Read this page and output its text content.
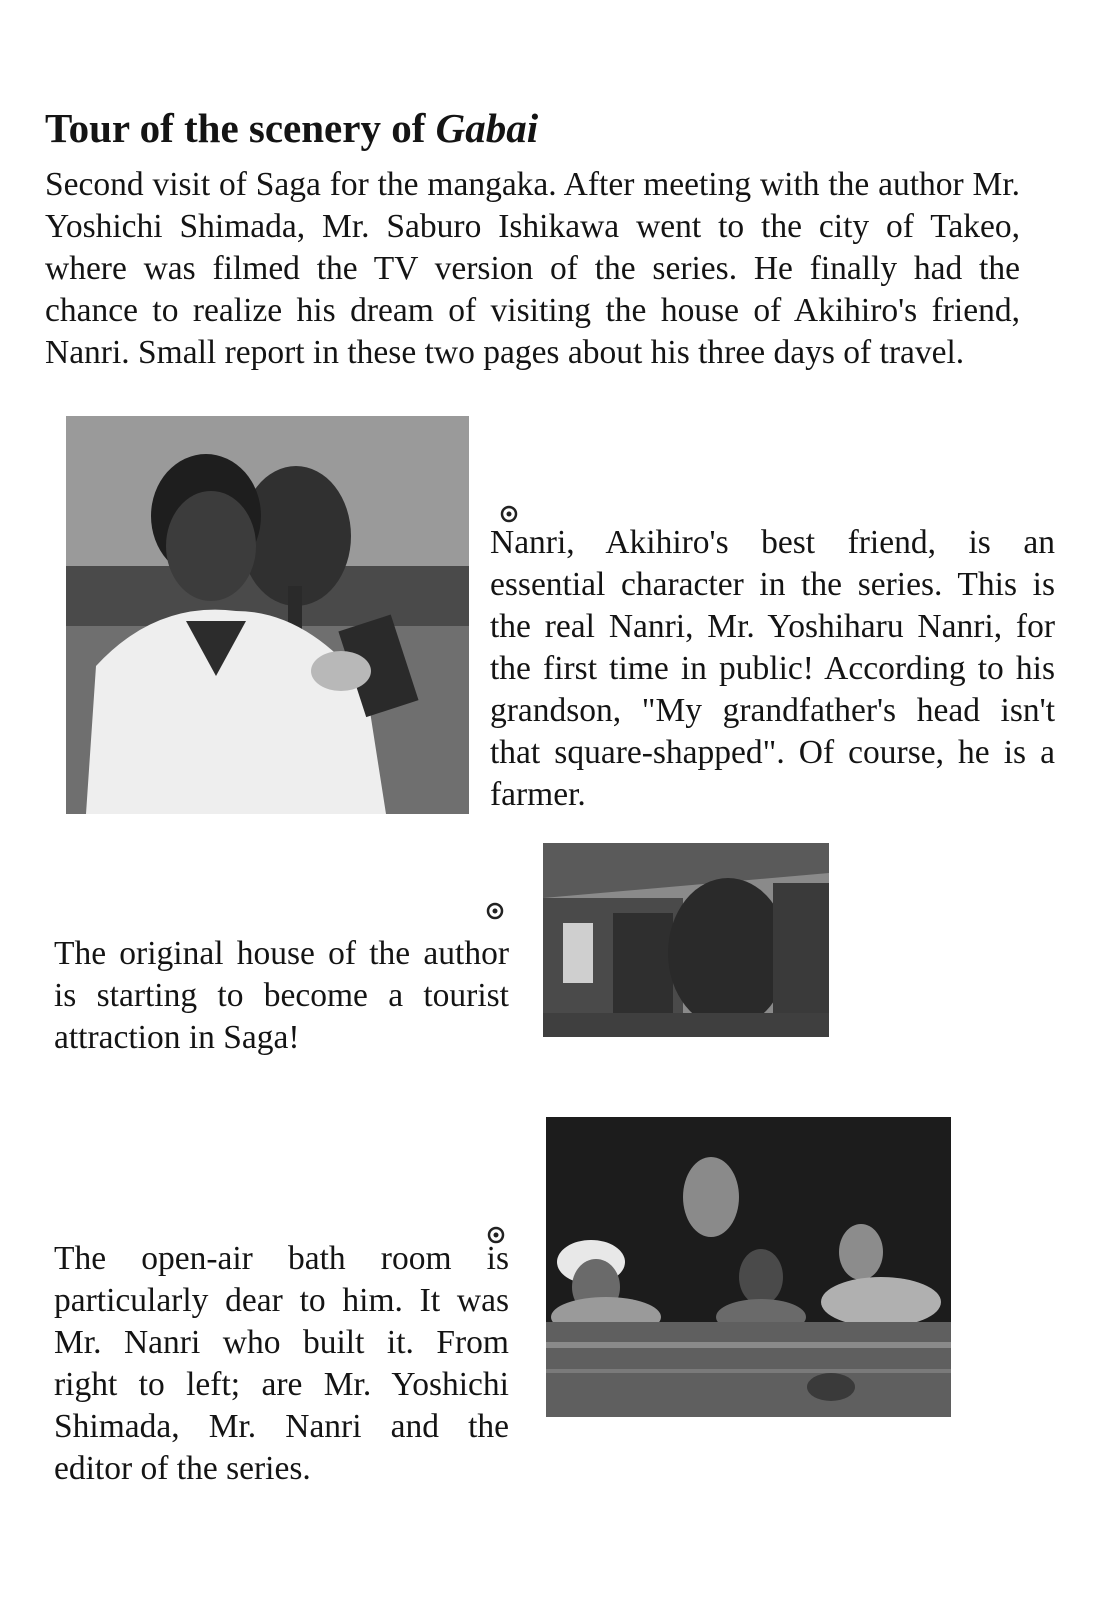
Tour of the scenery of Gabai

Second visit of Saga for the mangaka. After meeting with the author Mr. Yoshichi Shimada, Mr. Saburo Ishikawa went to the city of Takeo, where was filmed the TV version of the series. He finally had the chance to realize his dream of visiting the house of Akihiro's friend, Nanri. Small report in these two pages about his three days of travel.

Nanri, Akihiro's best friend, is an essential character in the series. This is the real Nanri, Mr. Yoshiharu Nanri, for the first time in public! According to his grandson, "My grandfather's head isn't that square-shapped". Of course, he is a farmer.

The original house of the author is starting to become a tourist attraction in Saga!

The open-air bath room is particularly dear to him. It was Mr. Nanri who built it. From right to left; are Mr. Yoshichi Shimada, Mr. Nanri and the editor of the series.
